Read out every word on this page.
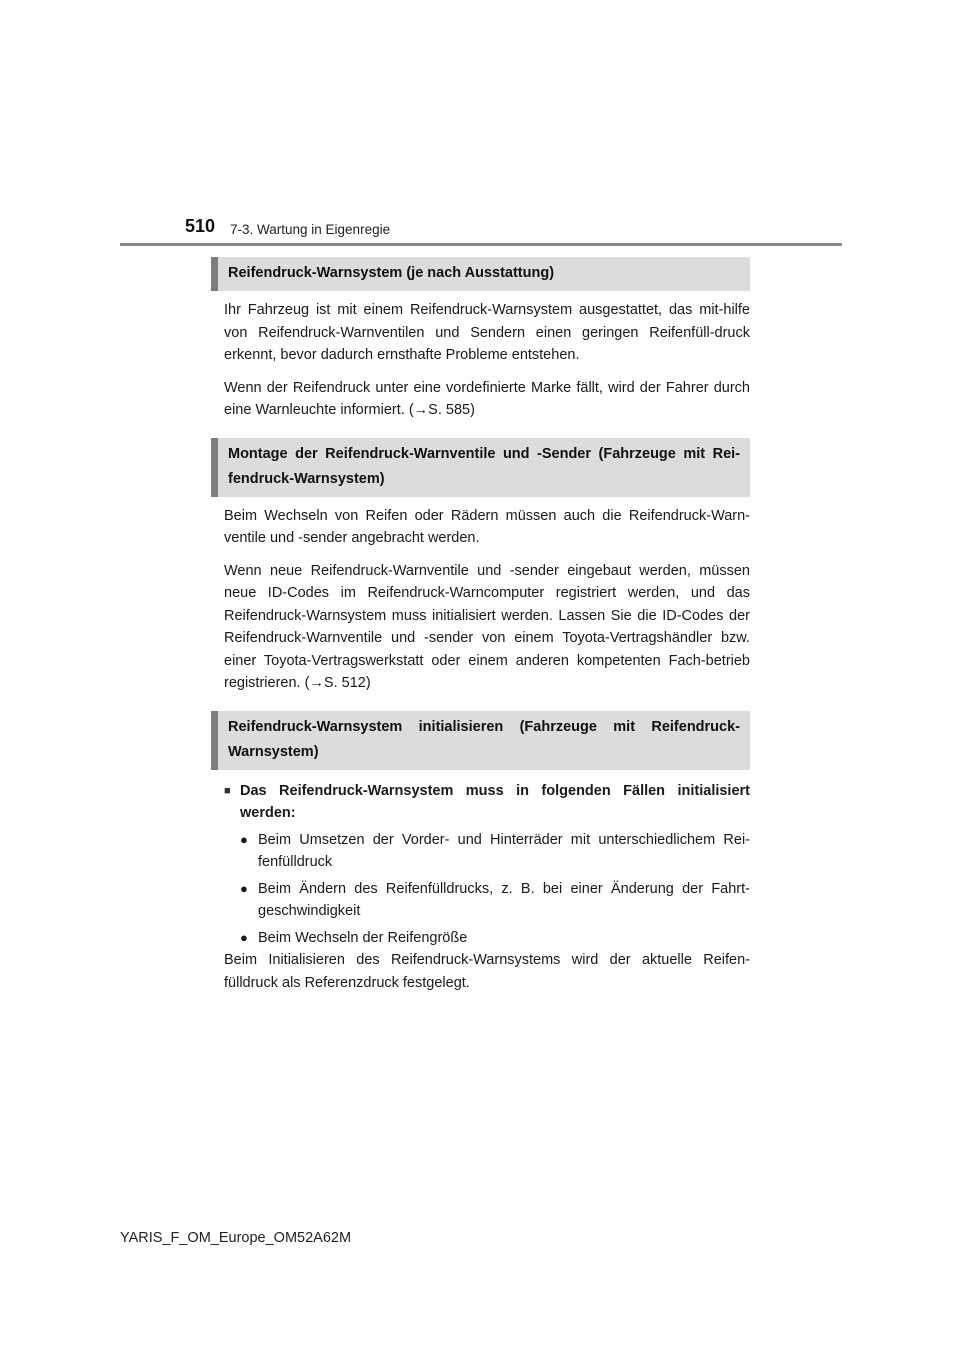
510 7-3. Wartung in Eigenregie
Reifendruck-Warnsystem (je nach Ausstattung)

Ihr Fahrzeug ist mit einem Reifendruck-Warnsystem ausgestattet, das mit-hilfe von Reifendruck-Warnventilen und Sendern einen geringen Reifenfüll-druck erkennt, bevor dadurch ernsthafte Probleme entstehen.

Wenn der Reifendruck unter eine vordefinierte Marke fällt, wird der Fahrer durch eine Warnleuchte informiert. (→S. 585)

Montage der Reifendruck-Warnventile und -Sender (Fahrzeuge mit Rei-fendruck-Warnsystem)

Beim Wechseln von Reifen oder Rädern müssen auch die Reifendruck-Warn-ventile und -sender angebracht werden.

Wenn neue Reifendruck-Warnventile und -sender eingebaut werden, müssen neue ID-Codes im Reifendruck-Warncomputer registriert werden, und das Reifendruck-Warnsystem muss initialisiert werden. Lassen Sie die ID-Codes der Reifendruck-Warnventile und -sender von einem Toyota-Vertragshändler bzw. einer Toyota-Vertragswerkstatt oder einem anderen kompetenten Fach-betrieb registrieren. (→S. 512)

Reifendruck-Warnsystem initialisieren (Fahrzeuge mit Reifendruck-Warnsystem)
■ Das Reifendruck-Warnsystem muss in folgenden Fällen initialisiert werden:
● Beim Umsetzen der Vorder- und Hinterräder mit unterschiedlichem Rei-fenfülldruck
● Beim Ändern des Reifenfülldrucks, z. B. bei einer Änderung der Fahrt-geschwindigkeit
● Beim Wechseln der Reifengröße

Beim Initialisieren des Reifendruck-Warnsystems wird der aktuelle Reifen-fülldruck als Referenzdruck festgelegt.

YARIS_F_OM_Europe_OM52A62M
